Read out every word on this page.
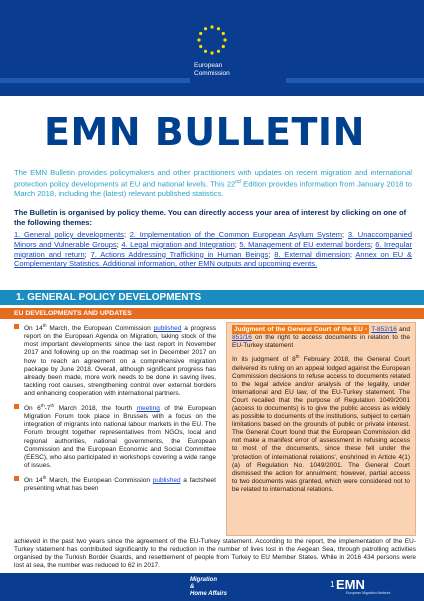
European
Commission
EMN BULLETIN
The EMN Bulletin provides policymakers and other practitioners with updates on recent migration and international protection policy developments at EU and national levels. This 22nd Edition provides information from January 2018 to March 2018, including the (latest) relevant published statistics.
The Bulletin is organised by policy theme. You can directly access your area of interest by clicking on one of the following themes:
1. General policy developments; 2. Implementation of the Common European Asylum System; 3. Unaccompanied Minors and Vulnerable Groups; 4. Legal migration and Integration; 5. Management of EU external borders; 6. Irregular migration and return; 7. Actions Addressing Trafficking in Human Beings; 8. External dimension; Annex on EU & Complementary Statistics. Additional information, other EMN outputs and upcoming events.
1. GENERAL POLICY DEVELOPMENTS
EU DEVELOPMENTS AND UPDATES
On 14th March, the European Commission published a progress report on the European Agenda on Migration, taking stock of the most important developments since the last report in November 2017 and following up on the roadmap set in December 2017 on how to reach an agreement on a comprehensive migration package by June 2018. Overall, although significant progress has already been made, more work needs to be done in saving lives, tackling root causes, strengthening control over external borders and enhancing cooperation with international partners.
On 6th-7th March 2018, the fourth meeting of the European Migration Forum took place in Brussels with a focus on the integration of migrants into national labour markets in the EU. The Forum brought together representatives from NGOs, local and regional authorities, national governments, the European Commission and the European Economic and Social Committee (EESC), who also participated in workshops covering a wide range of issues.
On 14th March, the European Commission published a factsheet presenting what has been
Judgment of the General Court of the EU - T-852/16 and 851/16 on the right to access documents in relation to the EU-Turkey statement

In its judgment of 8th February 2018, the General Court delivered its ruling on an appeal lodged against the European Commission decisions to refuse access to documents related to the legal advice and/or analysis of the legality, under International and EU law, of the EU-Turkey statement. The Court recalled that the purpose of Regulation 1049/2001 (access to documents) is to give the public access as widely as possible to documents of the institutions, subject to certain limitations based on the grounds of public or private interest. The General Court found that the European Commission did not make a manifest error of assessment in refusing access to most of the documents, since these fell under the 'protection of international relations', enshrined in Article 4(1)(a) of Regulation No. 1049/2001. The General Court dismissed the action for annulment; however, partial access to two documents was granted, which were considered not to be related to international relations.

achieved in the past two years since the agreement of the EU-Turkey statement. According to the report, the implementation of the EU-Turkey statement has contributed significantly to the reduction in the number of lives lost in the Aegean Sea, through patrolling activities organised by the Turkish Border Guards, and resettlement of people from Turkey to EU Member States. While in 2016 434 persons were lost at sea, the number was reduced to 62 in 2017.
Migration
&
Home Affairs
1 EMN
European Migration Network
